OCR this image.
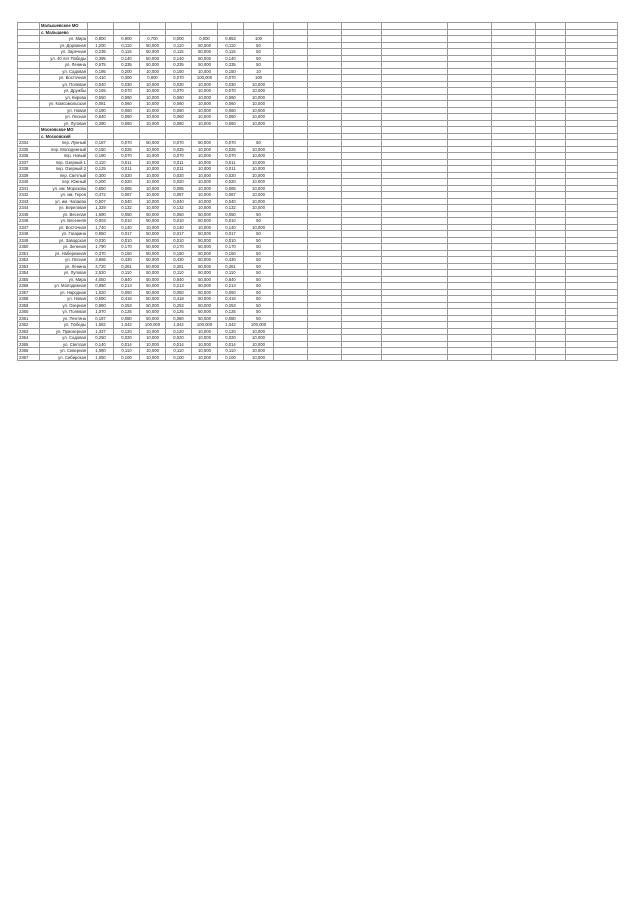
	Малышевское МО															
	с. Малышево															
	ул. Мира	0,800	0,900	0,700	0,000	0,000	0,853	100								
	ул. Дорожная	1,200	0,110	50,000	0,110	50,000	0,110	50								
	ул. Заречная	0,236	0,115	50,000	0,115	50,000	0,115	50								
	ул. 40 лет Победы	0,395	0,140	50,000	0,140	50,000	0,140	50								
	ул. Ленина	0,575	0,335	50,000	0,335	50,000	0,335	50								
	ул. Садовая	0,195	0,200	10,000	0,150	10,000	0,150	10								
	ул. Восточная	0,410	0,300	0,900	0,070	100,000	0,070	100								
	ул. Полевая	0,040	0,030	10,000	0,030	10,000	0,030	10,000								
	ул. Дружбы	0,155	0,070	10,000	0,070	10,000	0,070	10,000								
	ул. Кирова	0,550	0,060	10,000	0,060	10,000	0,060	10,000								
	ул. Комсомольская	0,081	0,060	10,000	0,060	10,000	0,060	10,000								
	ул. Новая	0,190	0,060	10,000	0,060	10,000	0,060	10,000								
	ул. Лесная	0,640	0,060	10,000	0,060	10,000	0,060	10,000								
	ул. Луговая	0,290	0,060	10,000	0,060	10,000	0,060	10,000								
	Московское МО															
	с. Московский															
2334	пер. Лунный	0,187	0,070	50,000	0,070	50,000	0,070	50								
2335	пер. Молодежный	0,150	0,025	10,000	0,025	10,000	0,025	10,000								
2336	пер. Новый	0,190	0,070	10,000	0,070	10,000	0,070	10,000								
2337	пер. Озерный 1	0,110	0,011	10,000	0,011	10,000	0,011	10,000								
2338	пер. Озерный 2	0,125	0,011	10,000	0,011	10,000	0,011	10,000								
2339	пер. Светлый	0,300	0,020	10,000	0,020	10,000	0,020	10,000								
2340	пер. Южный	0,200	0,020	10,000	0,020	10,000	0,020	10,000								
2341	ул. им. Морозова	0,650	0,085	10,000	0,085	10,000	0,085	10,000								
2342	ул. им. Героя	0,472	0,087	10,000	0,087	10,000	0,087	10,000								
2343	ул. им. Чапаева	0,507	0,040	10,000	0,040	10,000	0,040	10,000								
2344	ул. Береговая	1,329	0,132	10,000	0,132	10,000	0,132	10,000								
2345	ул. Веселая	1,590	0,050	50,000	0,050	50,000	0,050	50								
2346	ул. Весенняя	0,003	0,010	50,000	0,010	50,000	0,010	50								
2347	ул. Восточная	1,740	0,140	10,000	0,140	10,000	0,140	10,000								
2348	ул. Гагарина	0,950	0,017	50,000	0,017	50,000	0,017	50								
2349	ул. Заводская	0,030	0,010	50,000	0,010	50,000	0,010	50								
2350	ул. Зеленая	1,790	0,170	50,000	0,170	50,000	0,170	50								
2351	ул. Набережная	0,370	0,150	50,000	0,150	50,000	0,150	50								
2352	ул. Лесная	3,666	0,430	50,000	0,430	50,000	0,430	50								
2353	ул. Ленина	3,720	0,361	50,000	0,361	50,000	0,361	50								
2354	ул. Луговая	2,520	0,110	50,000	0,110	50,000	0,110	50								
2355	ул. Мира	4,050	0,640	50,000	0,640	50,000	0,640	50								
2356	ул. Молодежная	0,850	0,213	50,000	0,213	50,000	0,213	50								
2357	ул. Народная	1,020	0,050	50,000	0,050	50,000	0,050	50								
2358	ул. Новая	0,590	0,418	50,000	0,418	50,000	0,418	50								
2359	ул. Озерная	0,880	0,253	50,000	0,253	50,000	0,253	50								
2360	ул. Полевая	1,070	0,125	50,000	0,125	50,000	0,125	50								
2361	ул. Пентяна	0,187	0,080	50,000	0,080	50,000	0,080	50								
2362	ул. Победы	1,582	1,042	100,000	1,042	100,000	1,042	100,000								
2363	ул. Приозерная	1,337	0,120	10,000	0,120	10,000	0,120	10,000								
2364	ул. Садовая	0,250	0,020	10,000	0,020	10,000	0,020	10,000								
2365	ул. Светлая	0,140	0,014	10,000	0,014	10,000	0,014	10,000								
2366	ул. Северная	1,080	0,110	10,000	0,110	10,000	0,110	10,000								
2367	ул. Сибирская	1,050	0,100	10,000	0,100	10,000	0,100	10,000								
